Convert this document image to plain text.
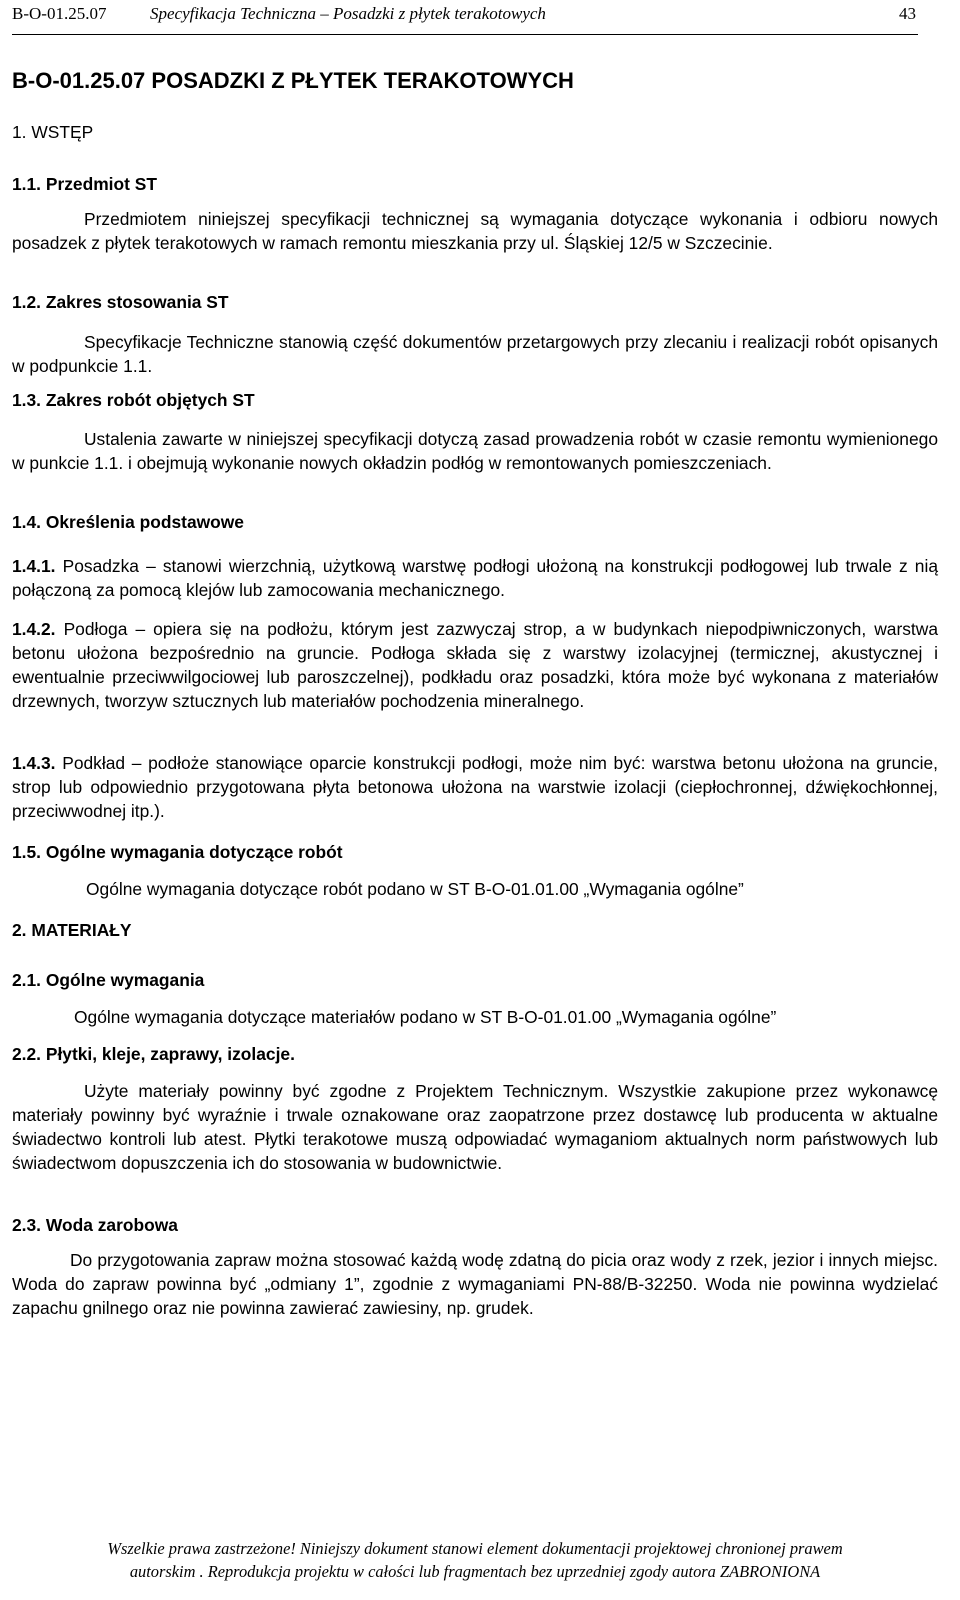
B-O-01.25.07	Specyfikacja Techniczna – Posadzki z płytek terakotowych	43
B-O-01.25.07 POSADZKI Z PŁYTEK TERAKOTOWYCH

1. WSTĘP

1.1. Przedmiot ST

Przedmiotem niniejszej specyfikacji technicznej są wymagania dotyczące wykonania i odbioru nowych posadzek z płytek terakotowych w ramach remontu mieszkania przy ul. Śląskiej 12/5 w Szczecinie.

1.2. Zakres stosowania ST

Specyfikacje Techniczne stanowią część dokumentów przetargowych przy zlecaniu i realizacji robót opisanych w podpunkcie 1.1.

1.3. Zakres robót objętych ST

Ustalenia zawarte w niniejszej specyfikacji dotyczą zasad prowadzenia robót w czasie remontu wymienionego w punkcie 1.1. i obejmują wykonanie nowych okładzin podłóg w remontowanych pomieszczeniach.

1.4. Określenia podstawowe

1.4.1. Posadzka – stanowi wierzchnią, użytkową warstwę podłogi ułożoną na konstrukcji podłogowej lub trwale z nią połączoną za pomocą klejów lub zamocowania mechanicznego.

1.4.2. Podłoga – opiera się na podłożu, którym jest zazwyczaj strop, a w budynkach niepodpiwniczonych, warstwa betonu ułożona bezpośrednio na gruncie. Podłoga składa się z warstwy izolacyjnej (termicznej, akustycznej i ewentualnie przeciwwilgociowej lub paroszczelnej), podkładu oraz posadzki, która może być wykonana z materiałów drzewnych, tworzyw sztucznych lub materiałów pochodzenia mineralnego.

1.4.3. Podkład – podłoże stanowiące oparcie konstrukcji podłogi, może nim być: warstwa betonu ułożona na gruncie, strop lub odpowiednio przygotowana płyta betonowa ułożona na warstwie izolacji (ciepłochronnej, dźwiękochłonnej, przeciwwodnej itp.).

1.5. Ogólne wymagania dotyczące robót

Ogólne wymagania dotyczące robót podano w ST B-O-01.01.00 „Wymagania ogólne”

2. MATERIAŁY

2.1. Ogólne wymagania

Ogólne wymagania dotyczące materiałów podano w ST B-O-01.01.00 „Wymagania ogólne”

2.2. Płytki, kleje, zaprawy, izolacje.

Użyte materiały powinny być zgodne z Projektem Technicznym. Wszystkie zakupione przez wykonawcę materiały powinny być wyraźnie i trwale oznakowane oraz zaopatrzone przez dostawcę lub producenta w aktualne świadectwo kontroli lub atest. Płytki terakotowe muszą odpowiadać wymaganiom aktualnych norm państwowych lub świadectwom dopuszczenia ich do stosowania w budownictwie.

2.3. Woda zarobowa

Do przygotowania zapraw można stosować każdą wodę zdatną do picia oraz wody z rzek, jezior i innych miejsc. Woda do zapraw powinna być „odmiany 1”, zgodnie z wymaganiami PN-88/B-32250. Woda nie powinna wydzielać zapachu gnilnego oraz nie powinna zawierać zawiesiny, np. grudek.

Wszelkie prawa zastrzeżone! Niniejszy dokument stanowi element dokumentacji projektowej chronionej prawem
autorskim . Reprodukcja projektu w całości lub fragmentach bez uprzedniej zgody autora ZABRONIONA
